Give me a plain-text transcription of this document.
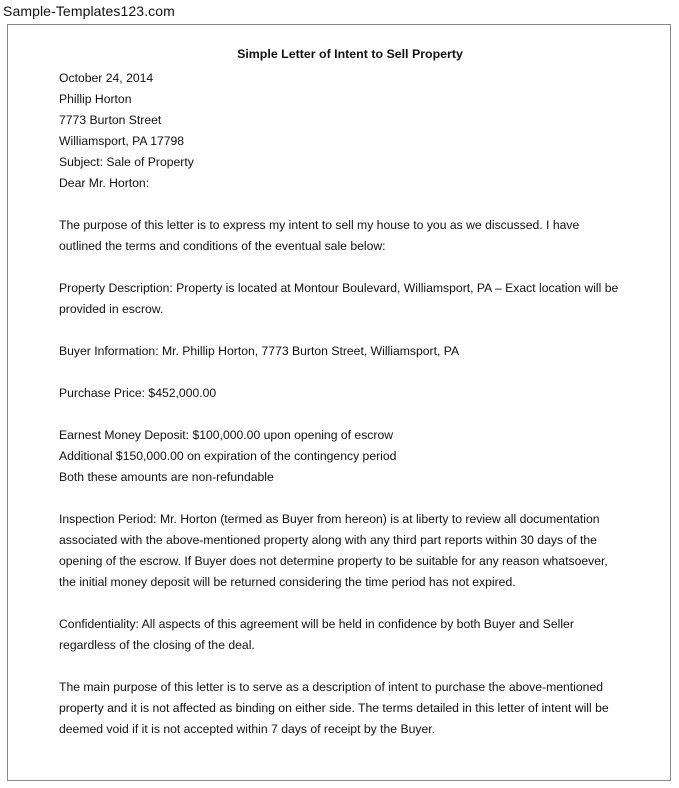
Sample-Templates123.com

Simple Letter of Intent to Sell Property

October 24, 2014
Phillip Horton
7773 Burton Street
Williamsport, PA 17798
Subject: Sale of Property
Dear Mr. Horton:
The purpose of this letter is to express my intent to sell my house to you as we discussed. I have
outlined the terms and conditions of the eventual sale below:
Property Description: Property is located at Montour Boulevard, Williamsport, PA – Exact location will be
provided in escrow.
Buyer Information: Mr. Phillip Horton, 7773 Burton Street, Williamsport, PA
Purchase Price: $452,000.00
Earnest Money Deposit: $100,000.00 upon opening of escrow
Additional $150,000.00 on expiration of the contingency period
Both these amounts are non-refundable
Inspection Period: Mr. Horton (termed as Buyer from hereon) is at liberty to review all documentation
associated with the above-mentioned property along with any third part reports within 30 days of the
opening of the escrow. If Buyer does not determine property to be suitable for any reason whatsoever,
the initial money deposit will be returned considering the time period has not expired.
Confidentiality: All aspects of this agreement will be held in confidence by both Buyer and Seller
regardless of the closing of the deal.
The main purpose of this letter is to serve as a description of intent to purchase the above-mentioned
property and it is not affected as binding on either side. The terms detailed in this letter of intent will be
deemed void if it is not accepted within 7 days of receipt by the Buyer.
